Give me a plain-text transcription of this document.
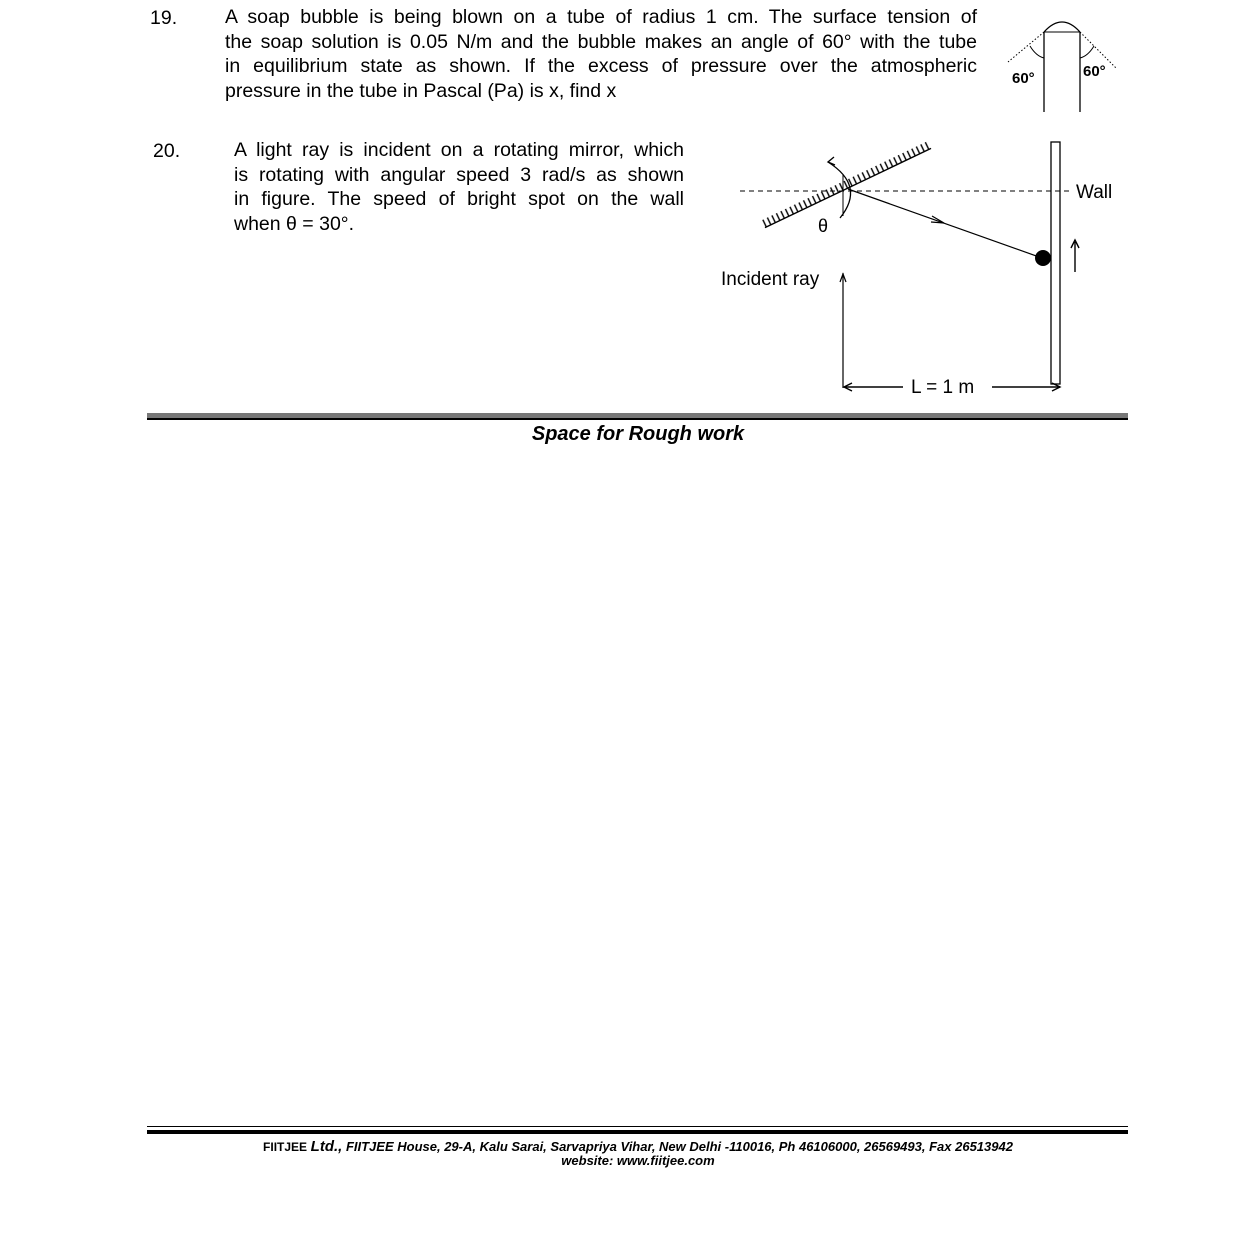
19. A soap bubble is being blown on a tube of radius 1 cm. The surface tension of
the soap solution is 0.05 N/m and the bubble makes an angle of 60° with the tube
in equilibrium state as shown. If the excess of pressure over the atmospheric
pressure in the tube in Pascal (Pa) is x, find x
60°	60°
20.	A light ray is incident on a rotating mirror, which
is rotating with angular speed 3 rad/s as shown
in figure. The speed of bright spot on the wall
when θ = 30°.	θ
Wall
Incident ray
L = 1 m
Space for Rough work
FIITJEE Ltd., FIITJEE House, 29-A, Kalu Sarai, Sarvapriya Vihar, New Delhi -110016, Ph 46106000, 26569493, Fax 26513942
website: www.fiitjee.com
